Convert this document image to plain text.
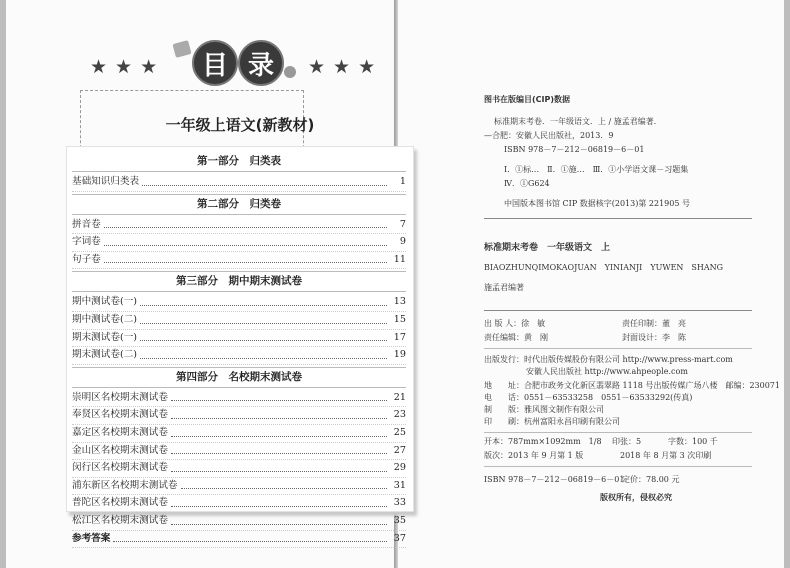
★★★	目 录	★★★
一年级上语文(新教材)
第一部分　归类表
基础知识归类表	1
第二部分　归类卷
拼音卷	7
字词卷	9
句子卷	11
第三部分　期中期末测试卷
期中测试卷(一)	13
期中测试卷(二)	15
期末测试卷(一)	17
期末测试卷(二)	19
第四部分　名校期末测试卷
崇明区名校期末测试卷	21
奉贤区名校期末测试卷	23
嘉定区名校期末测试卷	25
金山区名校期末测试卷	27
闵行区名校期末测试卷	29
浦东新区名校期末测试卷	31
普陀区名校期末测试卷	33
松江区名校期末测试卷	35
参考答案	37
图书在版编目(CIP)数据
标准期末考卷．一年级语文．上 / 施孟君编著．
—合肥：安徽人民出版社，2013．9
ISBN 978－7－212－06819－6－01
Ⅰ．①标…　Ⅱ．①施…　Ⅲ．①小学语文课－习题集
Ⅳ．①G624
中国版本图书馆 CIP 数据核字(2013)第 221905 号
标准期末考卷　一年级语文　上
BIAOZHUNQIMOKAOJUAN　YINIANJI　YUWEN　SHANG
施孟君编著
出 版 人：徐　敏	责任印制：董　亮
责任编辑：黄　刚	封面设计：李　陈
出版发行：时代出版传媒股份有限公司 http://www.press-mart.com
安徽人民出版社 http://www.ahpeople.com
地　　址：合肥市政务文化新区翡翠路 1118 号出版传媒广场八楼　邮编：230071
电　　话：0551－63533258　0551－63533292(传真)
制　　版：雅风图文制作有限公司
印　　刷：杭州富阳永昌印刷有限公司
开本：787mm×1092mm　1/8 印张：5	字数：100 千
版次：2013 年 9 月第 1 版	2018 年 8 月第 3 次印刷
ISBN 978－7－212－06819－6－01
定价：78.00 元
版权所有，侵权必究
